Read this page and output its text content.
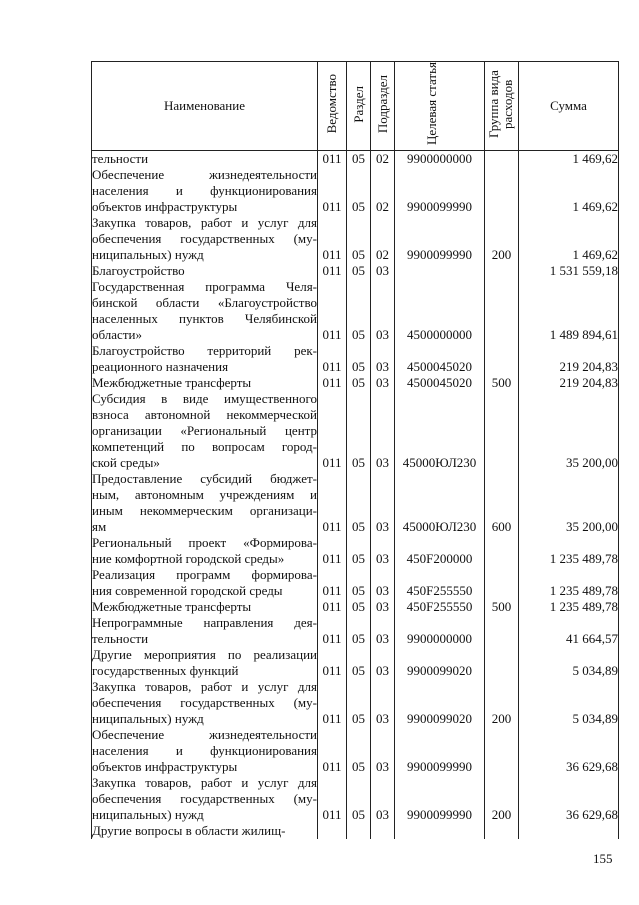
Наименование	Ведомство	Раздел	Подраздел	Целевая статья	Группа вида расходов	Сумма

тельности	011	05	02	9900000000		1 469,62

Обеспечение жизнедеятельности
населения и функционирования
объектов инфраструктуры	011	05	02	9900099990		1 469,62

Закупка товаров, работ и услуг для
обеспечения государственных (му-
ниципальных) нужд	011	05	02	9900099990	200	1 469,62

Благоустройство	011	05	03			1 531 559,18

Государственная программа Челя-
бинской области «Благоустройство
населенных пунктов Челябинской
области»	011	05	03	4500000000		1 489 894,61

Благоустройство территорий рек-
реационного назначения	011	05	03	4500045020		219 204,83

Межбюджетные трансферты	011	05	03	4500045020	500	219 204,83

Субсидия в виде имущественного
взноса автономной некоммерческой
организации «Региональный центр
компетенций по вопросам город-
ской среды»	011	05	03	45000ЮЛ230		35 200,00

Предоставление субсидий бюджет-
ным, автономным учреждениям и
иным некоммерческим организаци-
ям	011	05	03	45000ЮЛ230	600	35 200,00

Региональный проект «Формирова-
ние комфортной городской среды»	011	05	03	450F200000		1 235 489,78

Реализация программ формирова-
ния современной городской среды	011	05	03	450F255550		1 235 489,78

Межбюджетные трансферты	011	05	03	450F255550	500	1 235 489,78

Непрограммные направления дея-
тельности	011	05	03	9900000000		41 664,57

Другие мероприятия по реализации
государственных функций	011	05	03	9900099020		5 034,89

Закупка товаров, работ и услуг для
обеспечения государственных (му-
ниципальных) нужд	011	05	03	9900099020	200	5 034,89

Обеспечение жизнедеятельности
населения и функционирования
объектов инфраструктуры	011	05	03	9900099990		36 629,68

Закупка товаров, работ и услуг для
обеспечения государственных (му-
ниципальных) нужд	011	05	03	9900099990	200	36 629,68

Другие вопросы в области жилищ-						

155
